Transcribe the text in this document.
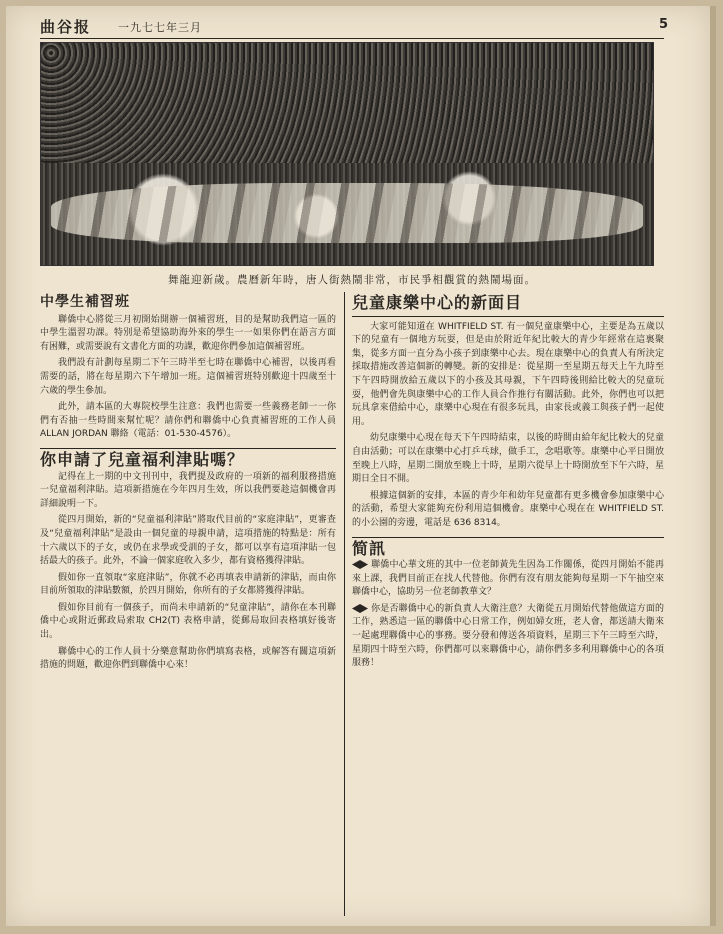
曲谷报 一九七七年三月	5
舞龍迎新歲。農曆新年時，唐人街熱鬧非常，市民爭相觀賞的熱鬧場面。
中學生補習班

聯僑中心將從三月初開始開辦一個補習班，目的是幫助我們這一區的中學生溫習功課。特別是希望協助海外來的學生一一如果你們在語言方面有困難，或需要說有文書化方面的功課，歡迎你們參加這個補習班。

我們設有計劃每星期二下午三時半至七時在聯僑中心補習，以後再看需要的話，將在每星期六下午增加一班。這個補習班特別歡迎十四歲至十六歲的學生參加。

此外，請本區的大專院校學生注意：我們也需要一些義務老師一一你們有否抽一些時間來幫忙呢？請你們和聯僑中心負責補習班的工作人員 ALLAN JORDAN 聯絡（電話：01-530-4576）。

你申請了兒童福利津貼嗎？

記得在上一期的中文刊刊中，我們提及政府的一項新的福利服務措施一兒童福利津貼。這項新措施在今年四月生效，所以我們要趁這個機會再詳細說明一下。

從四月開始，新的“兒童福利津貼”將取代目前的“家庭津貼”，更審查及“兒童福利津貼”是設由一個兒童的母親申請，這項措施的特點是：所有十六歲以下的子女，或仍在求學或受訓的子女，都可以享有這項津貼一包括最大的孩子。此外，不論一個家庭收入多少，都有資格獲得津貼。

假如你一直領取“家庭津貼”，你就不必再填表申請新的津貼，而由你目前所領取的津貼數額，於四月開始，你所有的子女都將獲得津貼。

假如你目前有一個孩子，而尚未申請新的“兒童津貼”，請你在本刊聯僑中心或附近郵政局索取 CH2(T) 表格申請，從郵局取回表格填好後寄出。

聯僑中心的工作人員十分樂意幫助你們填寫表格，或解答有關這項新措施的問題，歡迎你們到聯僑中心來！

兒童康樂中心的新面目

大家可能知道在 WHITFIELD ST. 有一個兒童康樂中心，主要是為五歲以下的兒童有一個地方玩耍，但是由於附近年紀比較大的青少年經常在這裏聚集，從多方面一直分為小孩子到康樂中心去。現在康樂中心的負責人有所決定採取措施改善這個新的轉變。新的安排是：從星期一至星期五每天上午九時至下午四時開放給五歲以下的小孩及其母親，下午四時後則給比較大的兒童玩耍，他們會先與康樂中心的工作人員合作推行有關活動。此外，你們也可以把玩具拿來借給中心，康樂中心現在有很多玩具，由家長或義工與孩子們一起使用。

幼兒康樂中心現在每天下午四時結束，以後的時間由給年紀比較大的兒童自由活動；可以在康樂中心打乒乓球，做手工，念唱歌等。康樂中心平日開放至晚上八時，星期二開放至晚上十時，星期六從早上十時開放至下午六時，星期日全日不開。

根據這個新的安排，本區的青少年和幼年兒童都有更多機會參加康樂中心的活動，希望大家能夠充份利用這個機會。康樂中心現在在 WHITFIELD ST. 的小公園的旁邊，電話是 636 8314。

简訊
聯僑中心華文班的其中一位老師黃先生因為工作關係，從四月開始不能再來上課，我們目前正在找人代替他。你們有沒有朋友能夠每星期一下午抽空來聯僑中心，協助另一位老師教華文？
你是否聯僑中心的新負責人大衛注意？大衛從五月開始代替他做這方面的工作，熟悉這一區的聯僑中心日常工作，例如婦女班，老人會，都送請大衛來一起處理聯僑中心的事務。要分發和傳送各項資料，星期三下午三時至六時，星期四十時至六時，你們都可以來聯僑中心，請你們多多利用聯僑中心的各項服務！
